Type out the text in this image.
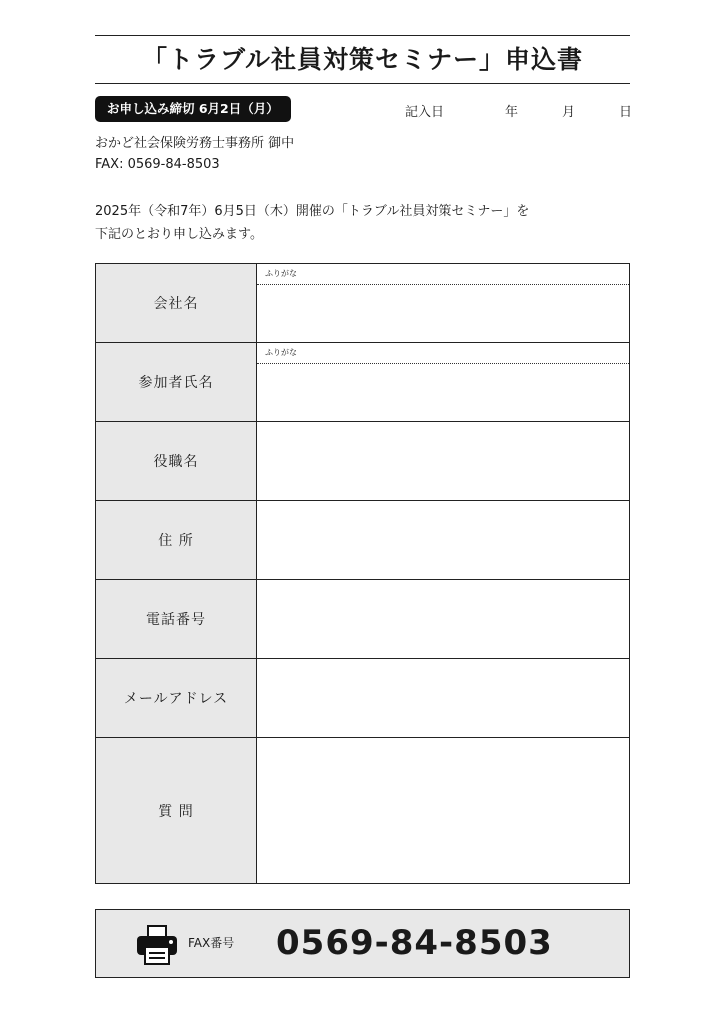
「トラブル社員対策セミナー」申込書
お申し込み締切 6月2日（月）	記入日	年	月	日
おかど社会保険労務士事務所 御中
FAX: 0569-84-8503
2025年（令和7年）6月5日（木）開催の「トラブル社員対策セミナー」を
下記のとおり申し込みます。
会社名	ふりがな

参加者氏名	ふりがな

役職名	
住 所	
電話番号	
メールアドレス	
質 問	
FAX番号 0569-84-8503
